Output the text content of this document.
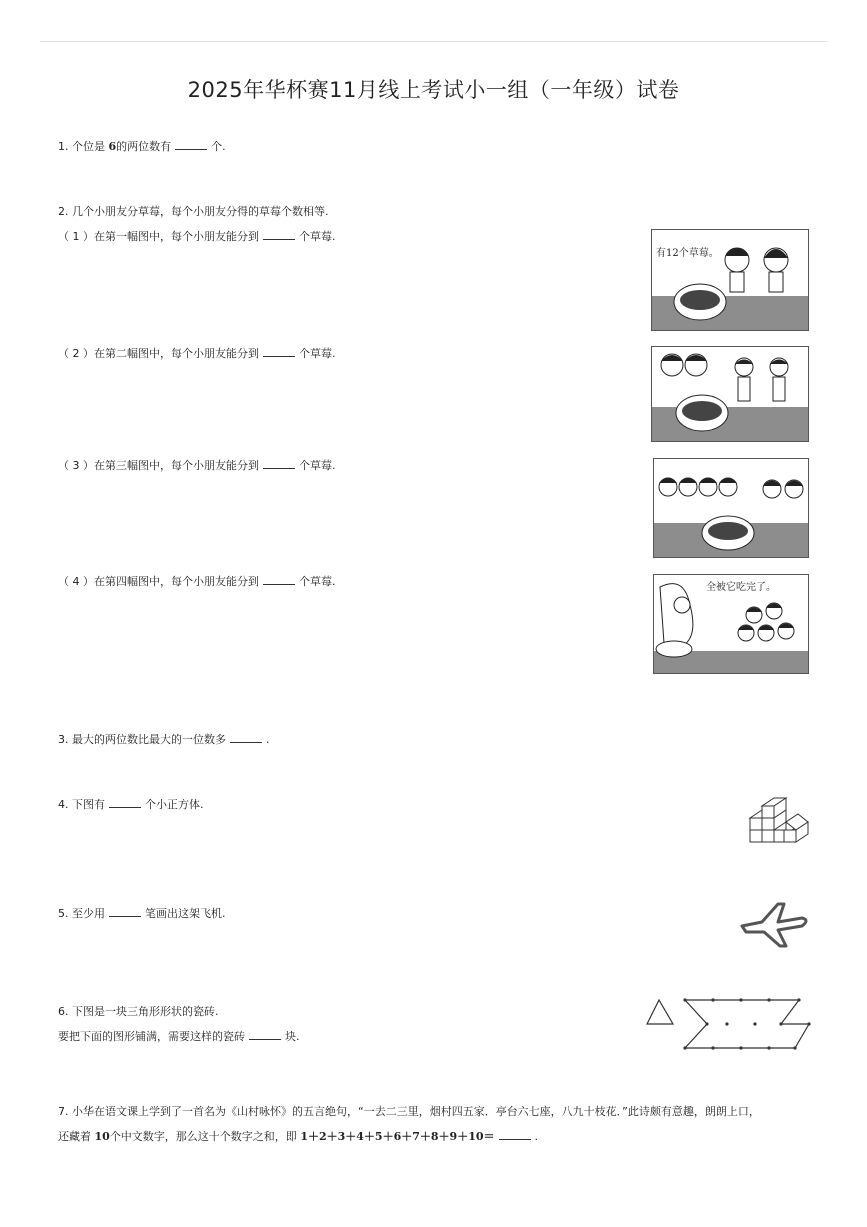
2025年华杯赛11月线上考试小一组（一年级）试卷
1. 个位是 6的两位数有	个.
2. 几个小朋友分草莓，每个小朋友分得的草莓个数相等.
（ 1 ）在第一幅图中，每个小朋友能分到	个草莓.
（ 2 ）在第二幅图中，每个小朋友能分到	个草莓.
（ 3 ）在第三幅图中，每个小朋友能分到	个草莓.
（ 4 ）在第四幅图中，每个小朋友能分到	个草莓.
有12个草莓。
全被它吃完了。
3. 最大的两位数比最大的一位数多	.
4. 下图有	个小正方体.
5. 至少用	笔画出这架飞机.
6. 下图是一块三角形形状的瓷砖.
要把下面的图形铺满，需要这样的瓷砖	块.
7. 小华在语文课上学到了一首名为《山村咏怀》的五言绝句，“一去二三里，烟村四五家．亭台六七座，八九十枝花．”此诗颇有意趣，朗朗上口，
还藏着 10个中文数字，那么这十个数字之和，即 1＋2＋3＋4＋5＋6＋7＋8＋9＋10＝	.
